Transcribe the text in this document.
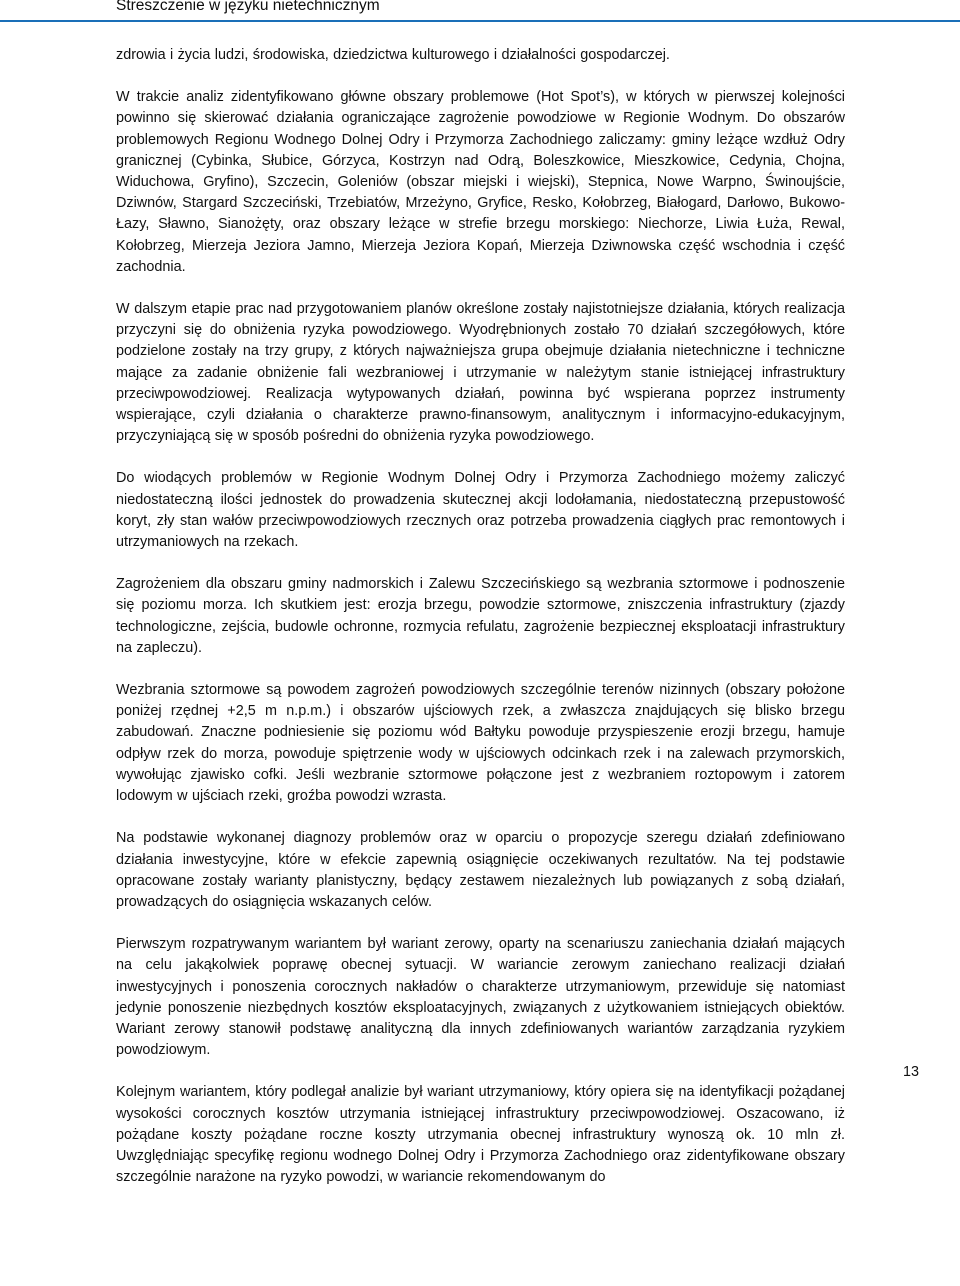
Streszczenie w języku nietechnicznym

zdrowia i życia ludzi, środowiska, dziedzictwa kulturowego i działalności gospodarczej.

W trakcie analiz zidentyfikowano główne obszary problemowe (Hot Spot’s), w których w pierwszej kolejności powinno się skierować działania ograniczające zagrożenie powodziowe w Regionie Wodnym. Do obszarów problemowych Regionu Wodnego Dolnej Odry i Przymorza Zachodniego zaliczamy: gminy leżące wzdłuż Odry granicznej (Cybinka, Słubice, Górzyca, Kostrzyn nad Odrą, Boleszkowice, Mieszkowice, Cedynia, Chojna, Widuchowa, Gryfino), Szczecin, Goleniów (obszar miejski i wiejski), Stepnica, Nowe Warpno, Świnoujście, Dziwnów, Stargard Szczeciński, Trzebiatów, Mrzeżyno, Gryfice, Resko, Kołobrzeg, Białogard, Darłowo, Bukowo-Łazy, Sławno, Sianożęty, oraz obszary leżące w strefie brzegu morskiego: Niechorze, Liwia Łuża, Rewal, Kołobrzeg, Mierzeja Jeziora Jamno, Mierzeja Jeziora Kopań, Mierzeja Dziwnowska część wschodnia i część zachodnia.

W dalszym etapie prac nad przygotowaniem planów określone zostały najistotniejsze działania, których realizacja przyczyni się do obniżenia ryzyka powodziowego. Wyodrębnionych zostało 70 działań szczegółowych, które podzielone zostały na trzy grupy, z których najważniejsza grupa obejmuje działania nietechniczne i techniczne mające za zadanie obniżenie fali wezbraniowej i utrzymanie w należytym stanie istniejącej infrastruktury przeciwpowodziowej. Realizacja wytypowanych działań, powinna być wspierana poprzez instrumenty wspierające, czyli działania o charakterze prawno-finansowym, analitycznym i informacyjno-edukacyjnym, przyczyniającą się w sposób pośredni do obniżenia ryzyka powodziowego.

Do wiodących problemów w Regionie Wodnym Dolnej Odry i Przymorza Zachodniego możemy zaliczyć niedostateczną ilości jednostek do prowadzenia skutecznej akcji lodołamania, niedostateczną przepustowość koryt, zły stan wałów przeciwpowodziowych rzecznych oraz potrzeba prowadzenia ciągłych prac remontowych i utrzymaniowych na rzekach.

Zagrożeniem dla obszaru gminy nadmorskich i Zalewu Szczecińskiego są wezbrania sztormowe i podnoszenie się poziomu morza. Ich skutkiem jest: erozja brzegu, powodzie sztormowe, zniszczenia infrastruktury (zjazdy technologiczne, zejścia, budowle ochronne, rozmycia refulatu, zagrożenie bezpiecznej eksploatacji infrastruktury na zapleczu).

Wezbrania sztormowe są powodem zagrożeń powodziowych szczególnie terenów nizinnych (obszary położone poniżej rzędnej +2,5 m n.p.m.) i obszarów ujściowych rzek, a zwłaszcza znajdujących się blisko brzegu zabudowań. Znaczne podniesienie się poziomu wód Bałtyku powoduje przyspieszenie erozji brzegu, hamuje odpływ rzek do morza, powoduje spiętrzenie wody w ujściowych odcinkach rzek i na zalewach przymorskich, wywołując zjawisko cofki. Jeśli wezbranie sztormowe połączone jest z wezbraniem roztopowym i zatorem lodowym w ujściach rzeki, groźba powodzi wzrasta.

Na podstawie wykonanej diagnozy problemów oraz w oparciu o propozycje szeregu działań zdefiniowano działania inwestycyjne, które w efekcie zapewnią osiągnięcie oczekiwanych rezultatów. Na tej podstawie opracowane zostały warianty planistyczny, będący zestawem niezależnych lub powiązanych z sobą działań, prowadzących do osiągnięcia wskazanych celów.

Pierwszym rozpatrywanym wariantem był wariant zerowy, oparty na scenariuszu zaniechania działań mających na celu jakąkolwiek poprawę obecnej sytuacji. W wariancie zerowym zaniechano realizacji działań inwestycyjnych i ponoszenia corocznych nakładów o charakterze utrzymaniowym, przewiduje się natomiast jedynie ponoszenie niezbędnych kosztów eksploatacyjnych, związanych z użytkowaniem istniejących obiektów. Wariant zerowy stanowił podstawę analityczną dla innych zdefiniowanych wariantów zarządzania ryzykiem powodziowym.

Kolejnym wariantem, który podlegał analizie był wariant utrzymaniowy, który opiera się na identyfikacji pożądanej wysokości corocznych kosztów utrzymania istniejącej infrastruktury przeciwpowodziowej. Oszacowano, iż pożądane koszty pożądane roczne koszty utrzymania obecnej infrastruktury wynoszą ok. 10 mln zł. Uwzględniając specyfikę regionu wodnego Dolnej Odry i Przymorza Zachodniego oraz zidentyfikowane obszary szczególnie narażone na ryzyko powodzi, w wariancie rekomendowanym do

13
